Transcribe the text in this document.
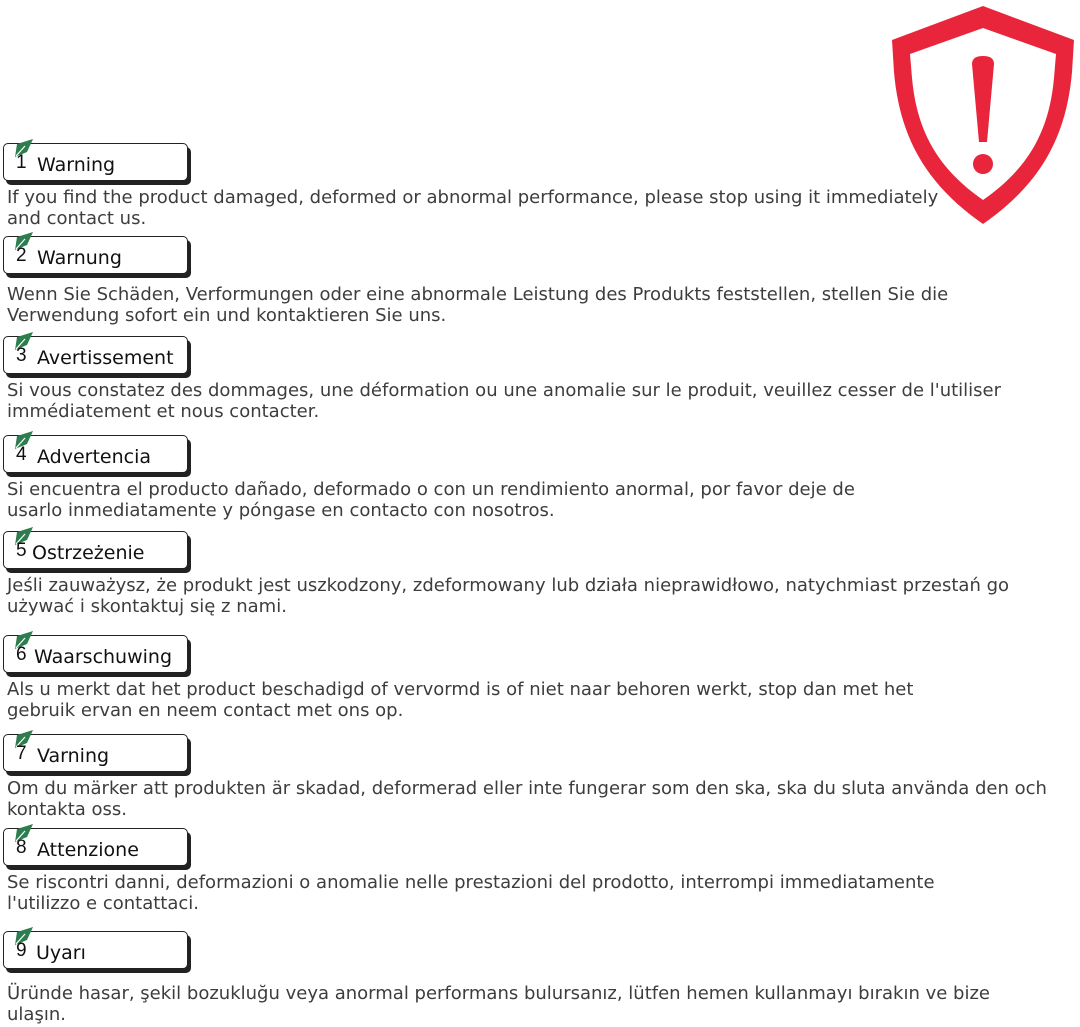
1 Warning
If you find the product damaged, deformed or abnormal performance, please stop using it immediately
and contact us.
2 Warnung
Wenn Sie Schäden, Verformungen oder eine abnormale Leistung des Produkts feststellen, stellen Sie die
Verwendung sofort ein und kontaktieren Sie uns.
3 Avertissement
Si vous constatez des dommages, une déformation ou une anomalie sur le produit, veuillez cesser de l'utiliser
immédiatement et nous contacter.
4 Advertencia
Si encuentra el producto dañado, deformado o con un rendimiento anormal, por favor deje de
usarlo inmediatamente y póngase en contacto con nosotros.
5 Ostrzeżenie
Jeśli zauważysz, że produkt jest uszkodzony, zdeformowany lub działa nieprawidłowo, natychmiast przestań go
używać i skontaktuj się z nami.
6 Waarschuwing
Als u merkt dat het product beschadigd of vervormd is of niet naar behoren werkt, stop dan met het
gebruik ervan en neem contact met ons op.
7 Varning
Om du märker att produkten är skadad, deformerad eller inte fungerar som den ska, ska du sluta använda den och
kontakta oss.
8 Attenzione
Se riscontri danni, deformazioni o anomalie nelle prestazioni del prodotto, interrompi immediatamente
l'utilizzo e contattaci.
9 Uyarı
Üründe hasar, şekil bozukluğu veya anormal performans bulursanız, lütfen hemen kullanmayı bırakın ve bize
ulaşın.
